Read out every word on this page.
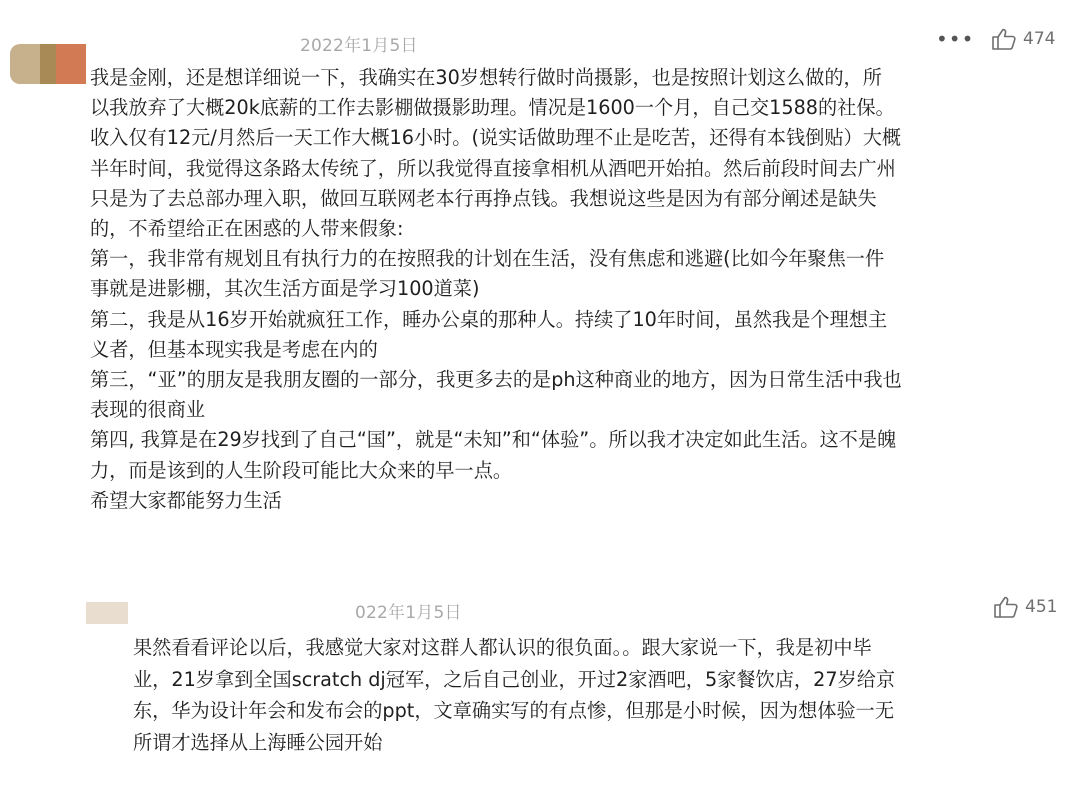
2022年1月5日	•••	474
我是金刚，还是想详细说一下，我确实在30岁想转行做时尚摄影，也是按照计划这么做的，所
以我放弃了大概20k底薪的工作去影棚做摄影助理。情况是1600一个月，自己交1588的社保。
收入仅有12元/月然后一天工作大概16小时。(说实话做助理不止是吃苦，还得有本钱倒贴）大概
半年时间，我觉得这条路太传统了，所以我觉得直接拿相机从酒吧开始拍。然后前段时间去广州
只是为了去总部办理入职，做回互联网老本行再挣点钱。我想说这些是因为有部分阐述是缺失
的，不希望给正在困惑的人带来假象:
第一，我非常有规划且有执行力的在按照我的计划在生活，没有焦虑和逃避(比如今年聚焦一件
事就是进影棚，其次生活方面是学习100道菜)
第二，我是从16岁开始就疯狂工作，睡办公桌的那种人。持续了10年时间，虽然我是个理想主
义者，但基本现实我是考虑在内的
第三，“亚”的朋友是我朋友圈的一部分，我更多去的是ph这种商业的地方，因为日常生活中我也
表现的很商业
第四, 我算是在29岁找到了自己“国”，就是“未知”和“体验”。所以我才决定如此生活。这不是魄
力，而是该到的人生阶段可能比大众来的早一点。
希望大家都能努力生活
022年1月5日	451
果然看看评论以后，我感觉大家对这群人都认识的很负面。。跟大家说一下，我是初中毕
业，21岁拿到全国scratch dj冠军，之后自己创业，开过2家酒吧，5家餐饮店，27岁给京
东，华为设计年会和发布会的ppt，文章确实写的有点惨，但那是小时候，因为想体验一无
所谓才选择从上海睡公园开始
